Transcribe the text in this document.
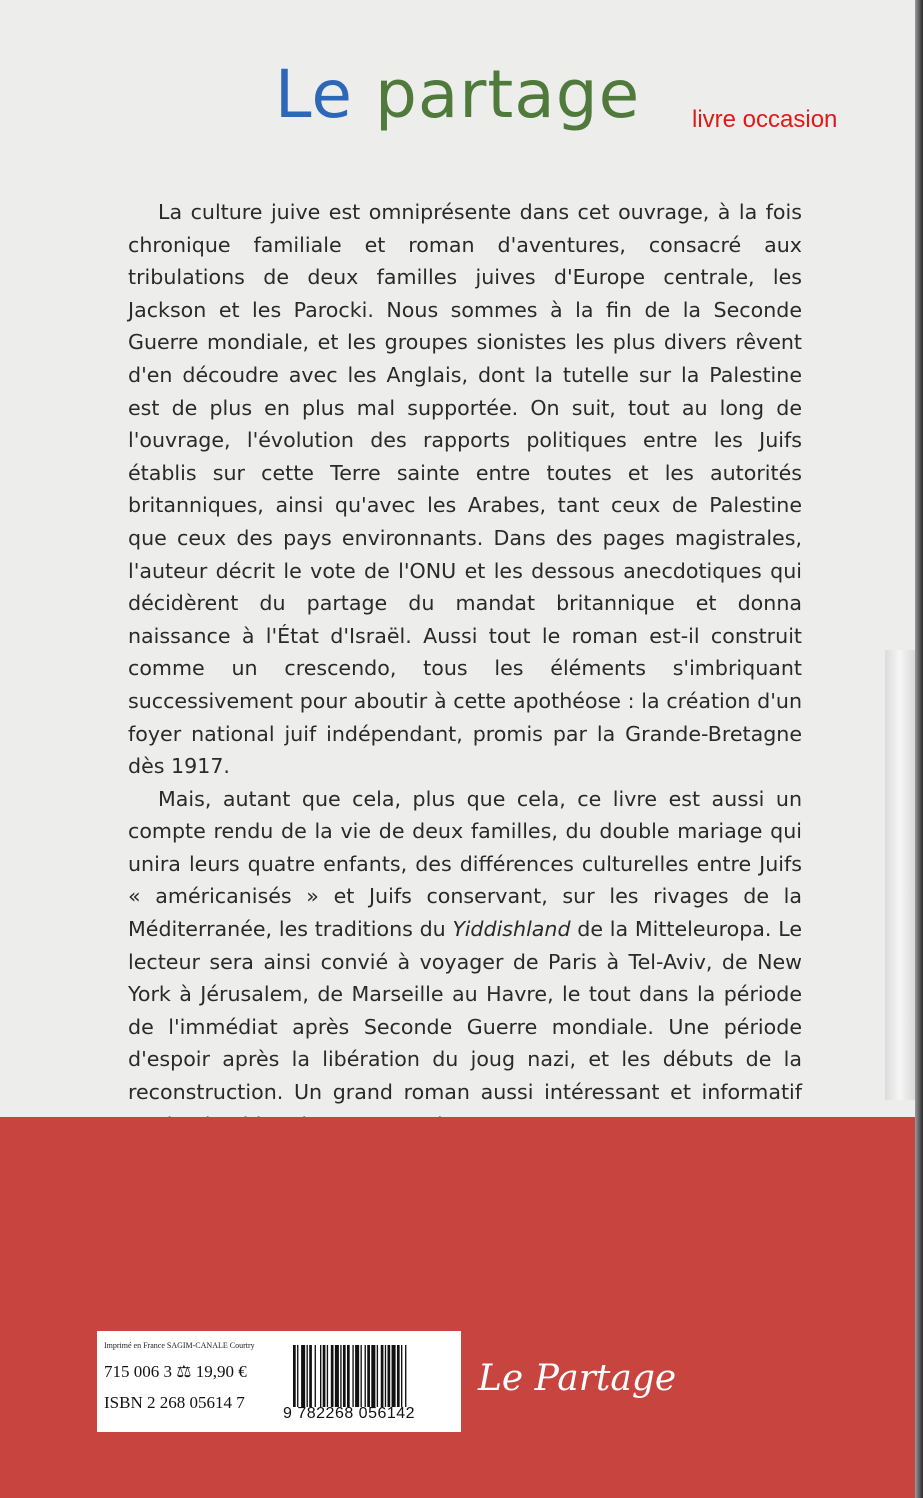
Le partage	livre occasion

La culture juive est omniprésente dans cet ouvrage, à la fois chronique familiale et roman d'aventures, consacré aux tribulations de deux familles juives d'Europe centrale, les Jackson et les Parocki. Nous sommes à la fin de la Seconde Guerre mondiale, et les groupes sionistes les plus divers rêvent d'en découdre avec les Anglais, dont la tutelle sur la Palestine est de plus en plus mal supportée. On suit, tout au long de l'ouvrage, l'évolution des rapports politiques entre les Juifs établis sur cette Terre sainte entre toutes et les autorités britanniques, ainsi qu'avec les Arabes, tant ceux de Palestine que ceux des pays environnants. Dans des pages magistrales, l'auteur décrit le vote de l'ONU et les dessous anecdotiques qui décidèrent du partage du mandat britannique et donna naissance à l'État d'Israël. Aussi tout le roman est-il construit comme un crescendo, tous les éléments s'imbriquant successivement pour aboutir à cette apothéose : la création d'un foyer national juif indépendant, promis par la Grande-Bretagne dès 1917.

Mais, autant que cela, plus que cela, ce livre est aussi un compte rendu de la vie de deux familles, du double mariage qui unira leurs quatre enfants, des différences culturelles entre Juifs « américanisés » et Juifs conservant, sur les rivages de la Méditerranée, les traditions du Yiddishland de la Mitteleuropa. Le lecteur sera ainsi convié à voyager de Paris à Tel-Aviv, de New York à Jérusalem, de Marseille au Havre, le tout dans la période de l'immédiat après Seconde Guerre mondiale. Une période d'espoir après la libération du joug nazi, et les débuts de la reconstruction. Un grand roman aussi intéressant et informatif

Imprimé en France SAGIM-CANALE Courtry
715 006 3 ⚖ 19,90 €
ISBN 2 268 05614 7
9 782268 056142
Le Partage
